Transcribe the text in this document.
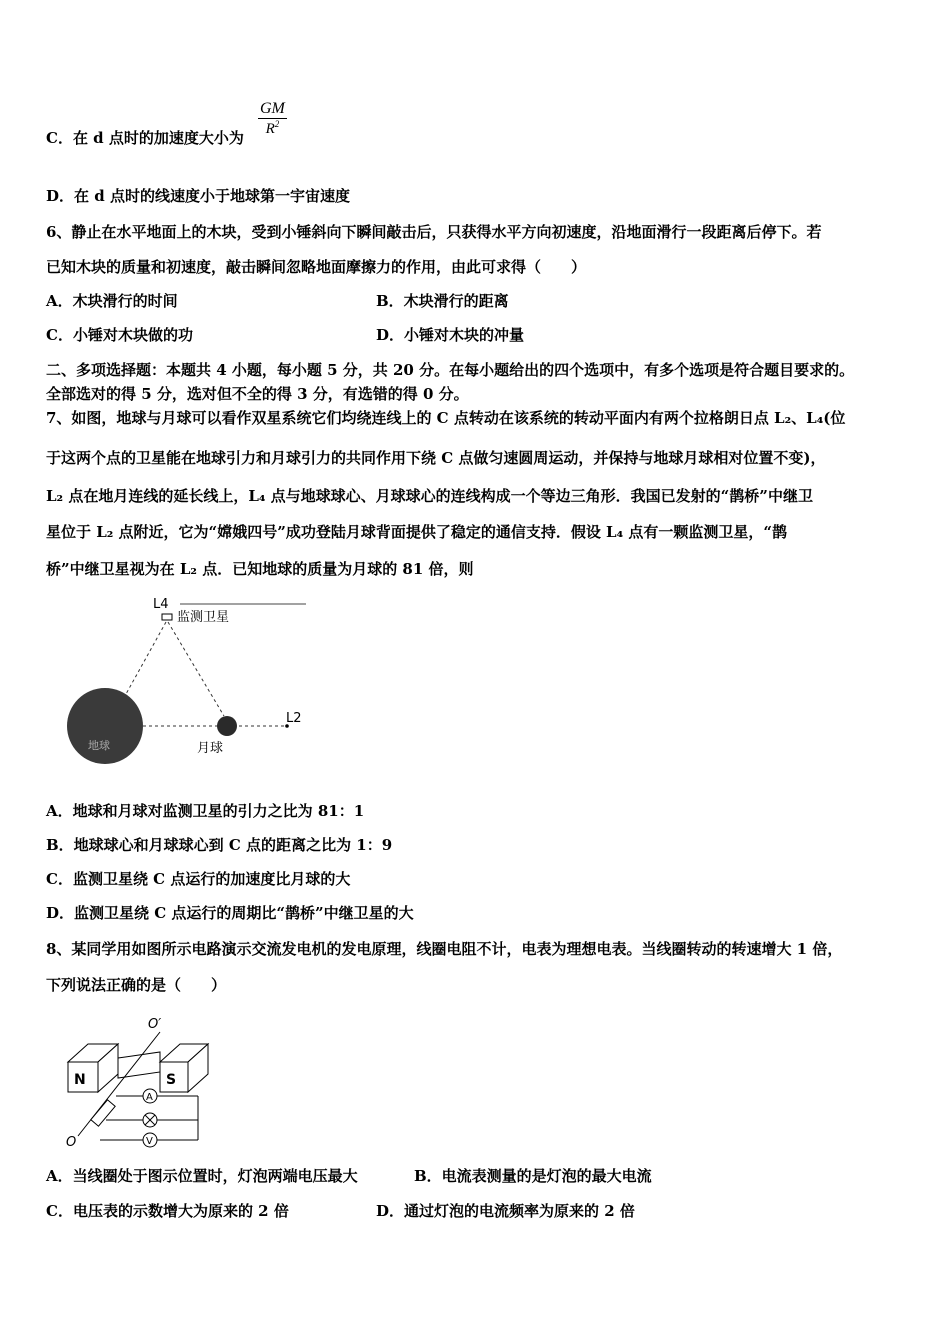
C．在 d 点时的加速度大小为 $\frac{GM}{R^2}$
D．在 d 点时的线速度小于地球第一宇宙速度
6、静止在水平地面上的木块，受到小锤斜向下瞬间敲击后，只获得水平方向初速度，沿地面滑行一段距离后停下。若
已知木块的质量和初速度，敲击瞬间忽略地面摩擦力的作用，由此可求得（　　）
A．木块滑行的时间	B．木块滑行的距离
C．小锤对木块做的功	D．小锤对木块的冲量
二、多项选择题：本题共 4 小题，每小题 5 分，共 20 分。在每小题给出的四个选项中，有多个选项是符合题目要求的。
全部选对的得 5 分，选对但不全的得 3 分，有选错的得 0 分。
7、如图，地球与月球可以看作双星系统它们均绕连线上的 C 点转动在该系统的转动平面内有两个拉格朗日点 L₂、L₄(位
于这两个点的卫星能在地球引力和月球引力的共同作用下绕 C 点做匀速圆周运动，并保持与地球月球相对位置不变)，
L₂ 点在地月连线的延长线上，L₄ 点与地球球心、月球球心的连线构成一个等边三角形．我国已发射的“鹊桥”中继卫
星位于 L₂ 点附近，它为“嫦娥四号”成功登陆月球背面提供了稳定的通信支持．假设 L₄ 点有一颗监测卫星，“鹊
桥”中继卫星视为在 L₂ 点．已知地球的质量为月球的 81 倍，则
L4
监测卫星
地球	月球
L2
A．地球和月球对监测卫星的引力之比为 81：1
B．地球球心和月球球心到 C 点的距离之比为 1：9
C．监测卫星绕 C 点运行的加速度比月球的大
D．监测卫星绕 C 点运行的周期比“鹊桥”中继卫星的大
8、某同学用如图所示电路演示交流发电机的发电原理，线圈电阻不计，电表为理想电表。当线圈转动的转速增大 1 倍，
下列说法正确的是（　　）
O′
N	S
A
V
O
A．当线圈处于图示位置时，灯泡两端电压最大	B．电流表测量的是灯泡的最大电流
C．电压表的示数增大为原来的 2 倍	D．通过灯泡的电流频率为原来的 2 倍
